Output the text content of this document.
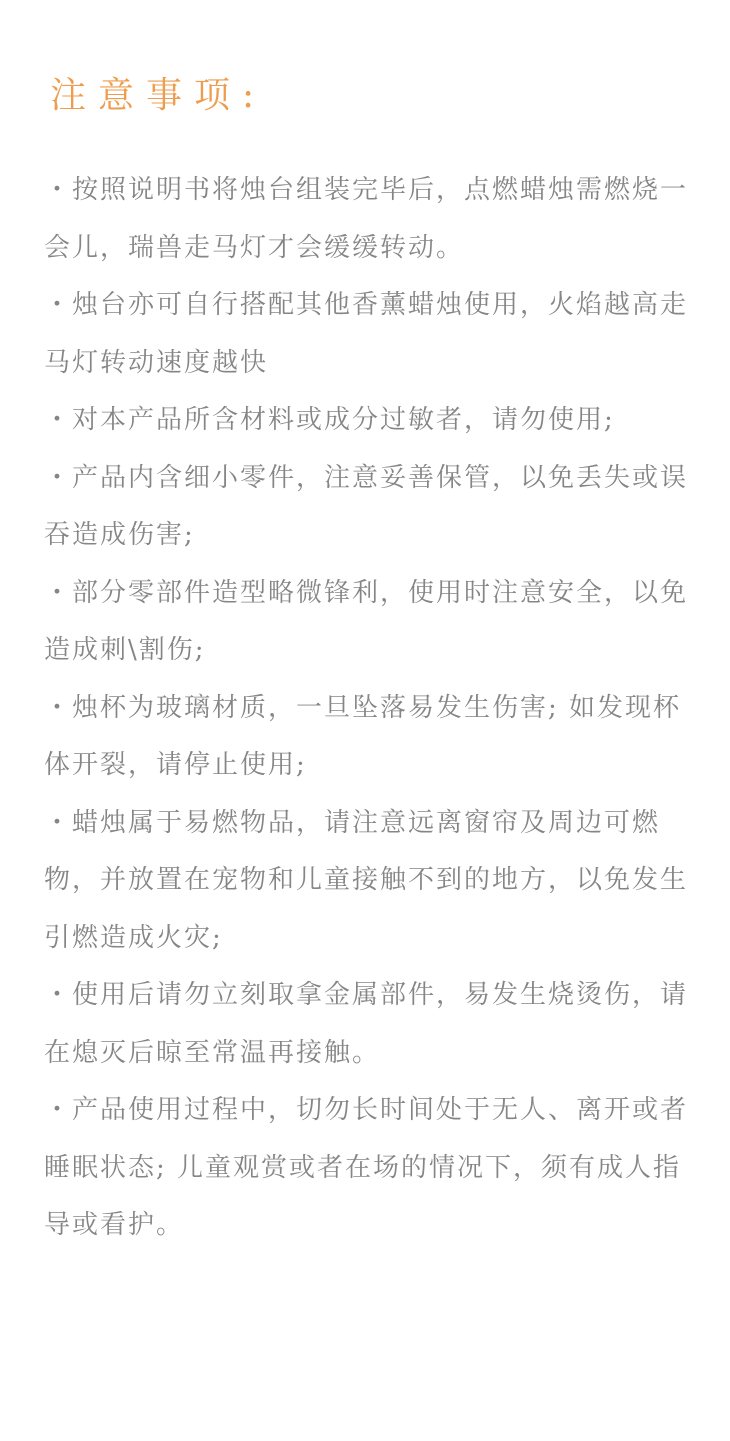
注意事项:
・按照说明书将烛台组装完毕后，点燃蜡烛需燃烧一会儿，瑞兽走马灯才会缓缓转动。
・烛台亦可自行搭配其他香薰蜡烛使用，火焰越高走马灯转动速度越快
・对本产品所含材料或成分过敏者，请勿使用;
・产品内含细小零件，注意妥善保管，以免丢失或误吞造成伤害;
・部分零部件造型略微锋利，使用时注意安全，以免造成刺\割伤;
・烛杯为玻璃材质，一旦坠落易发生伤害; 如发现杯体开裂，请停止使用;
・蜡烛属于易燃物品，请注意远离窗帘及周边可燃物，并放置在宠物和儿童接触不到的地方，以免发生引燃造成火灾;
・使用后请勿立刻取拿金属部件，易发生烧烫伤，请在熄灭后晾至常温再接触。
・产品使用过程中，切勿长时间处于无人、离开或者睡眠状态; 儿童观赏或者在场的情况下，须有成人指导或看护。
